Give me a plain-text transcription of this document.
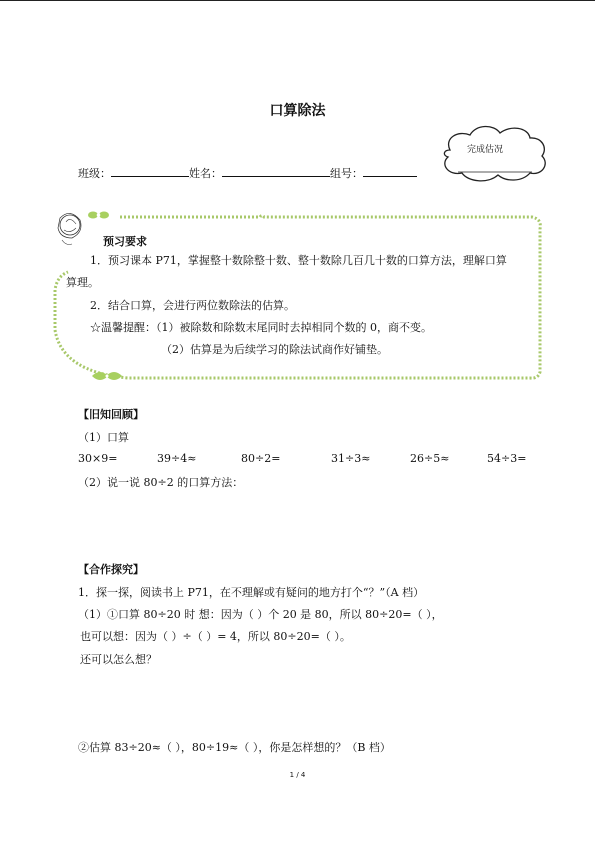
口算除法
完成估况
班级：	姓名：	组号：
预习要求
1．预习课本 P71，掌握整十数除整十数、整十数除几百几十数的口算方法，理解口算
算理。
2．结合口算，会进行两位数除法的估算。
☆温馨提醒：（1）被除数和除数末尾同时去掉相同个数的 0，商不变。
（2）估算是为后续学习的除法试商作好铺垫。
【旧知回顾】
（1）口算
30×9=	39÷4≈	80÷2=	31÷3≈	26÷5≈	54÷3=
（2）说一说 80÷2 的口算方法：
【合作探究】
1．探一探，阅读书上 P71，在不理解或有疑问的地方打个“？”（A 档）
（1）①口算 80÷20 时 想：因为（ ）个 20 是 80，所以 80÷20=（ ），
也可以想：因为（ ）÷（ ）= 4，所以 80÷20=（ ）。
还可以怎么想？
②估算 83÷20≈（ ），80÷19≈（ ），你是怎样想的？（B 档）
1 / 4
